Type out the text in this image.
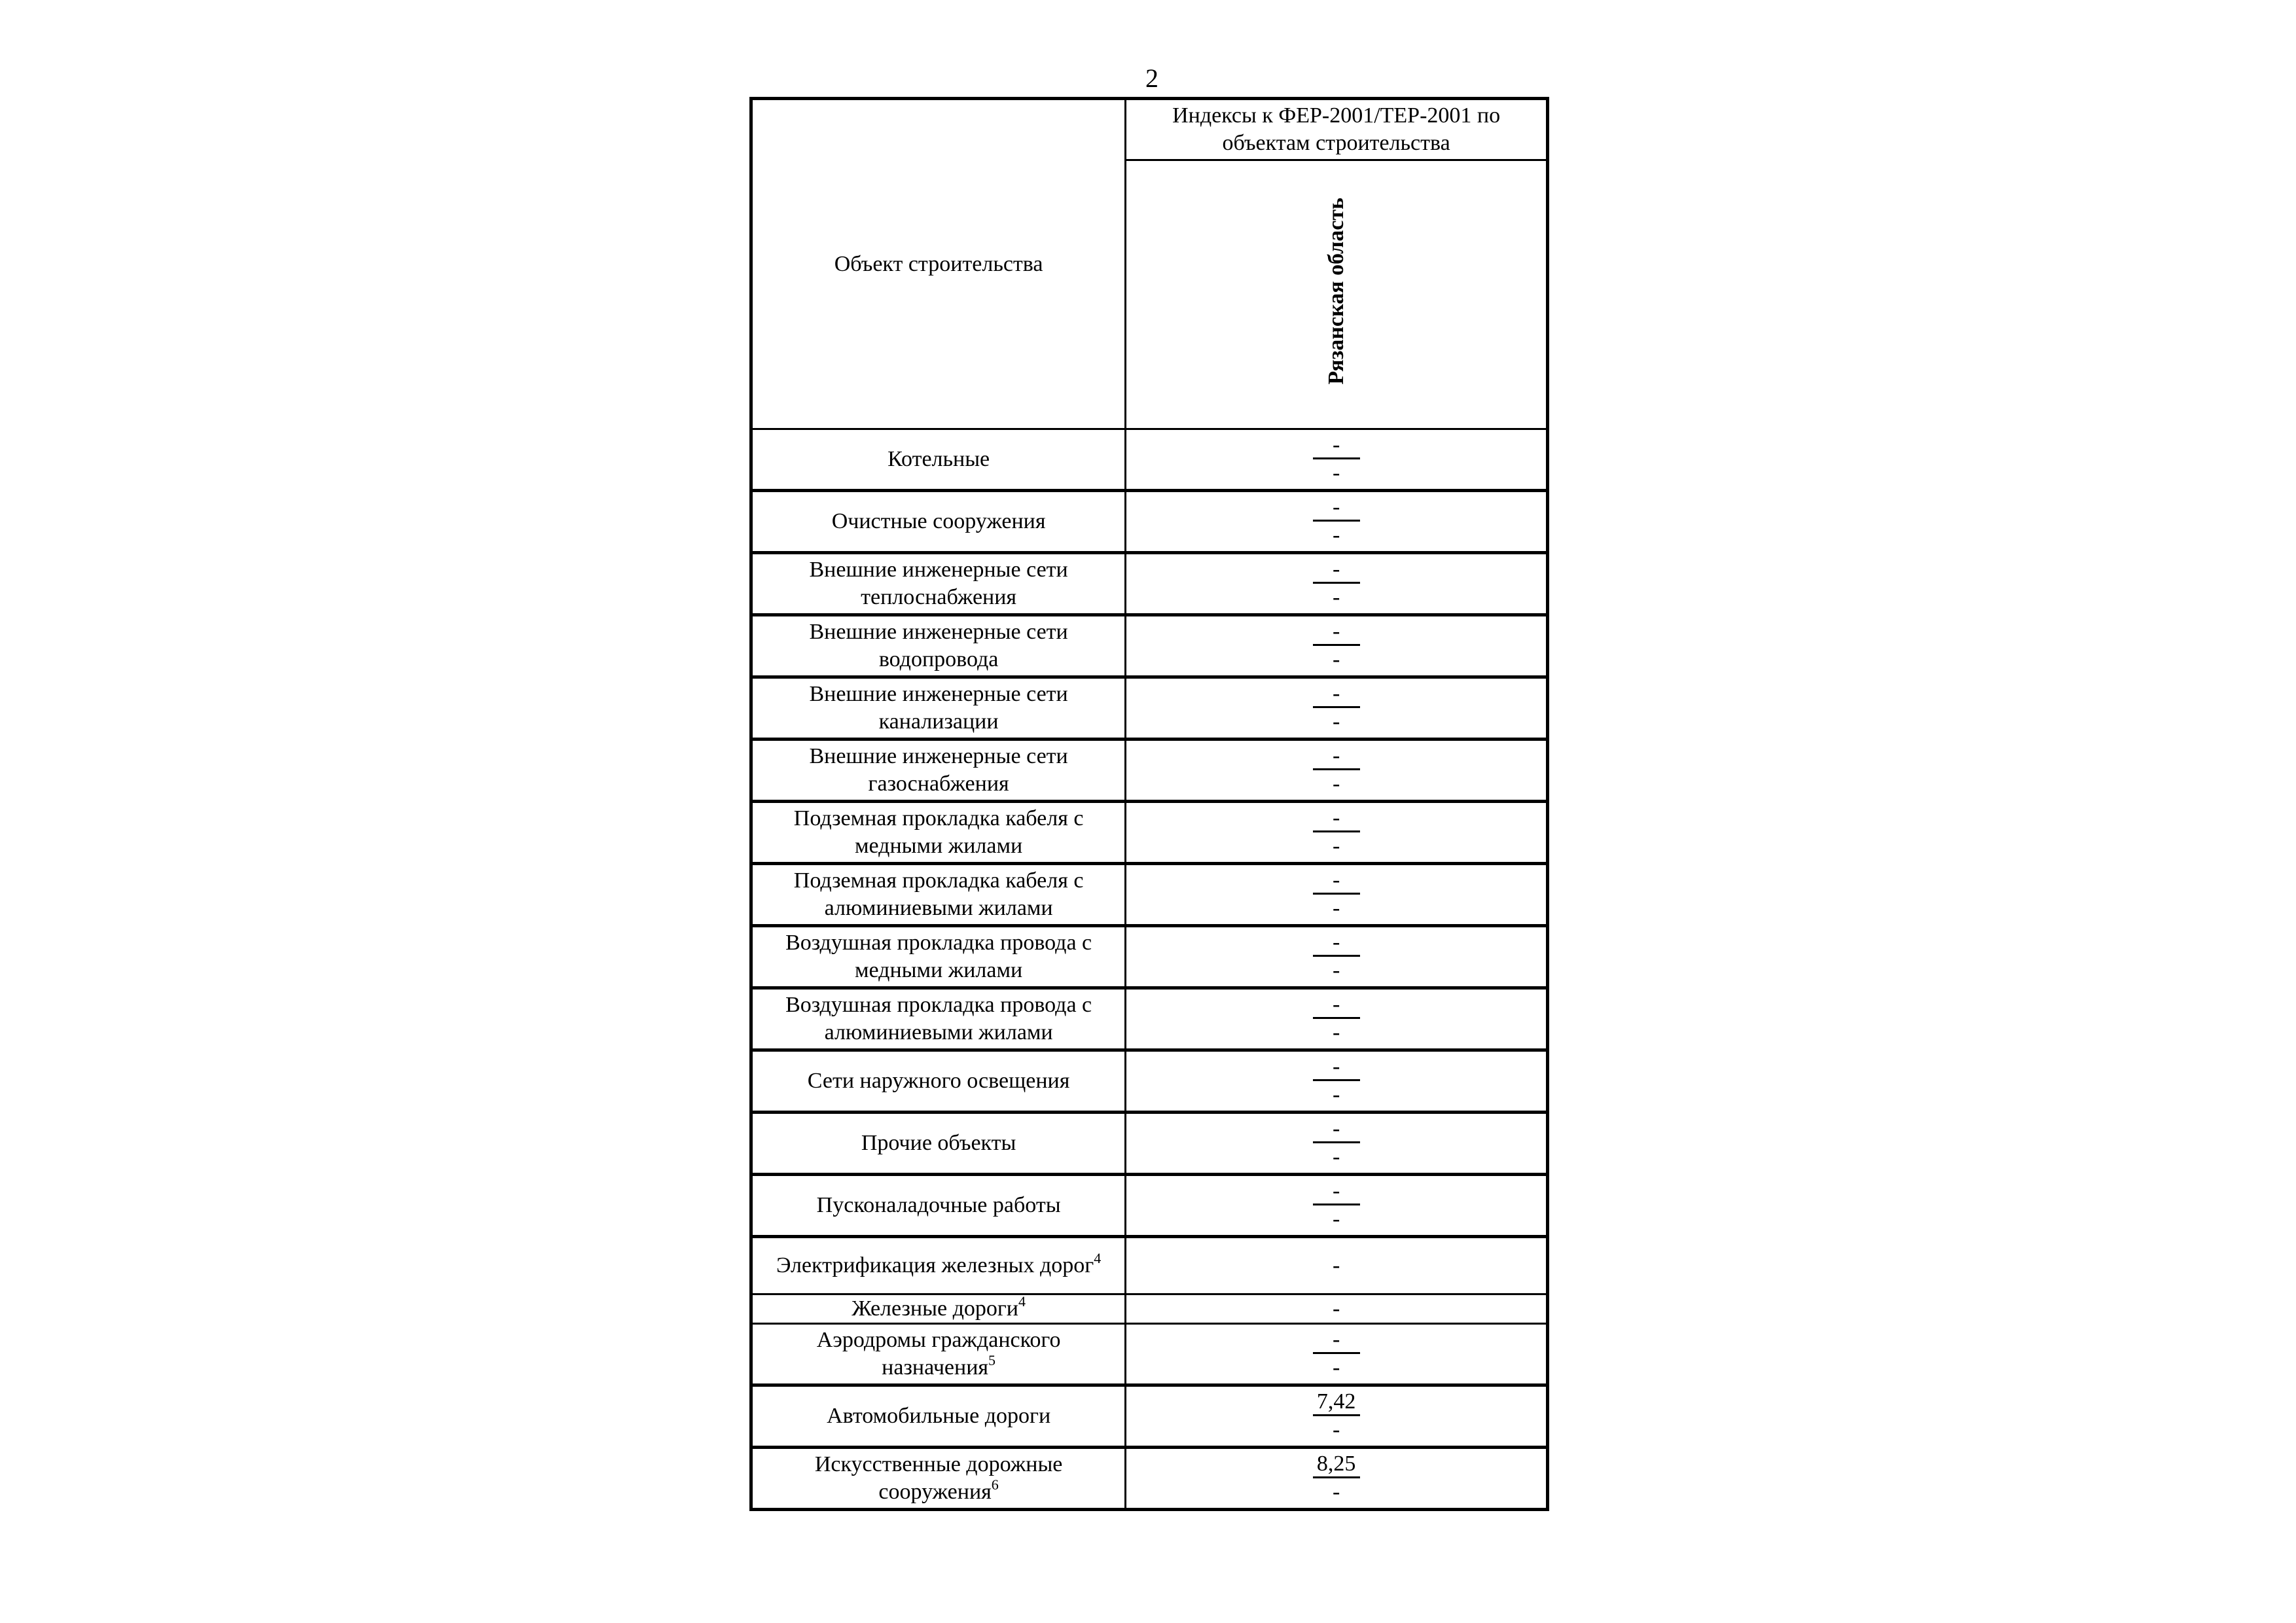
2
Объект строительства	Индексы к ФЕР-2001/ТЕР-2001 по объектам строительства
	Рязанская область
Котельные	$\frac{-}{-}$

Очистные сооружения	$\frac{-}{-}$

Внешние инженерные сети теплоснабжения	$\frac{-}{-}$

Внешние инженерные сети водопровода	$\frac{-}{-}$

Внешние инженерные сети канализации	$\frac{-}{-}$

Внешние инженерные сети газоснабжения	$\frac{-}{-}$

Подземная прокладка кабеля с медными жилами	$\frac{-}{-}$

Подземная прокладка кабеля с алюминиевыми жилами	$\frac{-}{-}$

Воздушная прокладка провода с медными жилами	$\frac{-}{-}$

Воздушная прокладка провода с алюминиевыми жилами	$\frac{-}{-}$

Сети наружного освещения	$\frac{-}{-}$

Прочие объекты	$\frac{-}{-}$

Пусконаладочные работы	$\frac{-}{-}$

Электрификация железных дорог$^4$	-
Железные дороги$^4$	-
Аэродромы гражданского назначения$^5$	$\frac{-}{-}$

Автомобильные дороги	$\frac{7,42}{-}$

Искусственные дорожные сооружения$^6$	$\frac{8,25}{-}$
